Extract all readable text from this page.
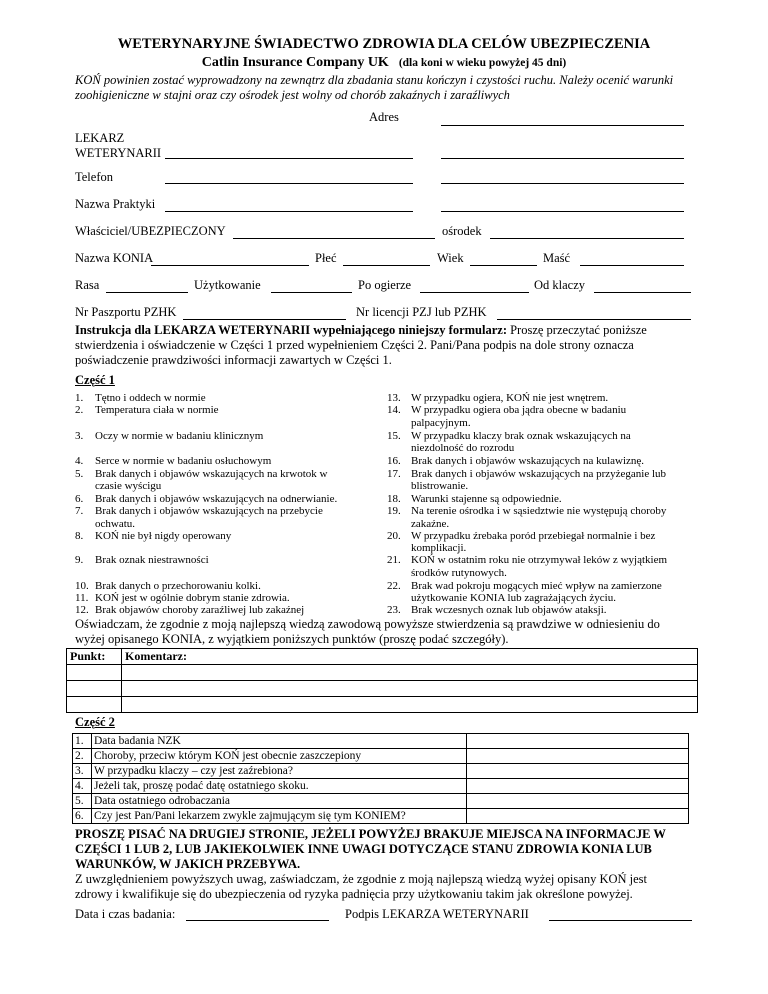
WETERYNARYJNE ŚWIADECTWO ZDROWIA DLA CELÓW UBEZPIECZENIA
Catlin Insurance Company UK (dla koni w wieku powyżej 45 dni)
KOŃ powinien zostać wyprowadzony na zewnątrz dla zbadania stanu kończyn i czystości ruchu. Należy ocenić warunki
zoohigieniczne w stajni oraz czy ośrodek jest wolny od chorób zakaźnych i zaraźliwych
Adres
LEKARZ
WETERYNARII
Telefon
Nazwa Praktyki
Właściciel/UBEZPIECZONY	ośrodek
Nazwa KONIA	Płeć	Wiek	Maść
Rasa	Użytkowanie	Po ogierze	Od klaczy
Nr Paszportu PZHK	Nr licencji PZJ lub PZHK
Instrukcja dla LEKARZA WETERYNARII wypełniającego niniejszy formularz: Proszę przeczytać poniższe
stwierdzenia i oświadczenie w Części 1 przed wypełnieniem Części 2. Pani/Pana podpis na dole strony oznacza
poświadczenie prawdziwości informacji zawartych w Części 1.
Część 1
1. Tętno i oddech w normie
2. Temperatura ciała w normie
3. Oczy w normie w badaniu klinicznym
4. Serce w normie w badaniu osłuchowym
5. Brak danych i objawów wskazujących na krwotok w
czasie wyścigu
6. Brak danych i objawów wskazujących na odnerwianie.
7. Brak danych i objawów wskazujących na przebycie
ochwatu.
8. KOŃ nie był nigdy operowany
9. Brak oznak niestrawności
10. Brak danych o przechorowaniu kolki.
11. KOŃ jest w ogólnie dobrym stanie zdrowia.
12. Brak objawów choroby zaraźliwej lub zakaźnej
13. W przypadku ogiera, KOŃ nie jest wnętrem.
14. W przypadku ogiera oba jądra obecne w badaniu
palpacyjnym.
15. W przypadku klaczy brak oznak wskazujących na
niezdolność do rozrodu
16. Brak danych i objawów wskazujących na kulawiznę.
17. Brak danych i objawów wskazujących na przyżeganie lub
blistrowanie.
18. Warunki stajenne są odpowiednie.
19. Na terenie ośrodka i w sąsiedztwie nie występują choroby
zakaźne.
20. W przypadku źrebaka poród przebiegał normalnie i bez
komplikacji.
21. KOŃ w ostatnim roku nie otrzymywał leków z wyjątkiem
środków rutynowych.
22. Brak wad pokroju mogących mieć wpływ na zamierzone
użytkowanie KONIA lub zagrażających życiu.
23. Brak wczesnych oznak lub objawów ataksji.
Oświadczam, że zgodnie z moją najlepszą wiedzą zawodową powyższe stwierdzenia są prawdziwe w odniesieniu do
wyżej opisanego KONIA, z wyjątkiem poniższych punktów (proszę podać szczegóły).
Punkt:	Komentarz:

Część 2
1.	Data badania NZK	
2.	Choroby, przeciw którym KOŃ jest obecnie zaszczepiony	
3.	W przypadku klaczy – czy jest zaźrebiona?	
4.	Jeżeli tak, proszę podać datę ostatniego skoku.	
5.	Data ostatniego odrobaczania	
6.	Czy jest Pan/Pani lekarzem zwykle zajmującym się tym KONIEM?	
PROSZĘ PISAĆ NA DRUGIEJ STRONIE, JEŻELI POWYŻEJ BRAKUJE MIEJSCA NA INFORMACJE W
CZĘŚCI 1 LUB 2, LUB JAKIEKOLWIEK INNE UWAGI DOTYCZĄCE STANU ZDROWIA KONIA LUB
WARUNKÓW, W JAKICH PRZEBYWA.
Z uwzględnieniem powyższych uwag, zaświadczam, że zgodnie z moją najlepszą wiedzą wyżej opisany KOŃ jest
zdrowy i kwalifikuje się do ubezpieczenia od ryzyka padnięcia przy użytkowaniu takim jak określone powyżej.
Data i czas badania:	Podpis LEKARZA WETERYNARII
